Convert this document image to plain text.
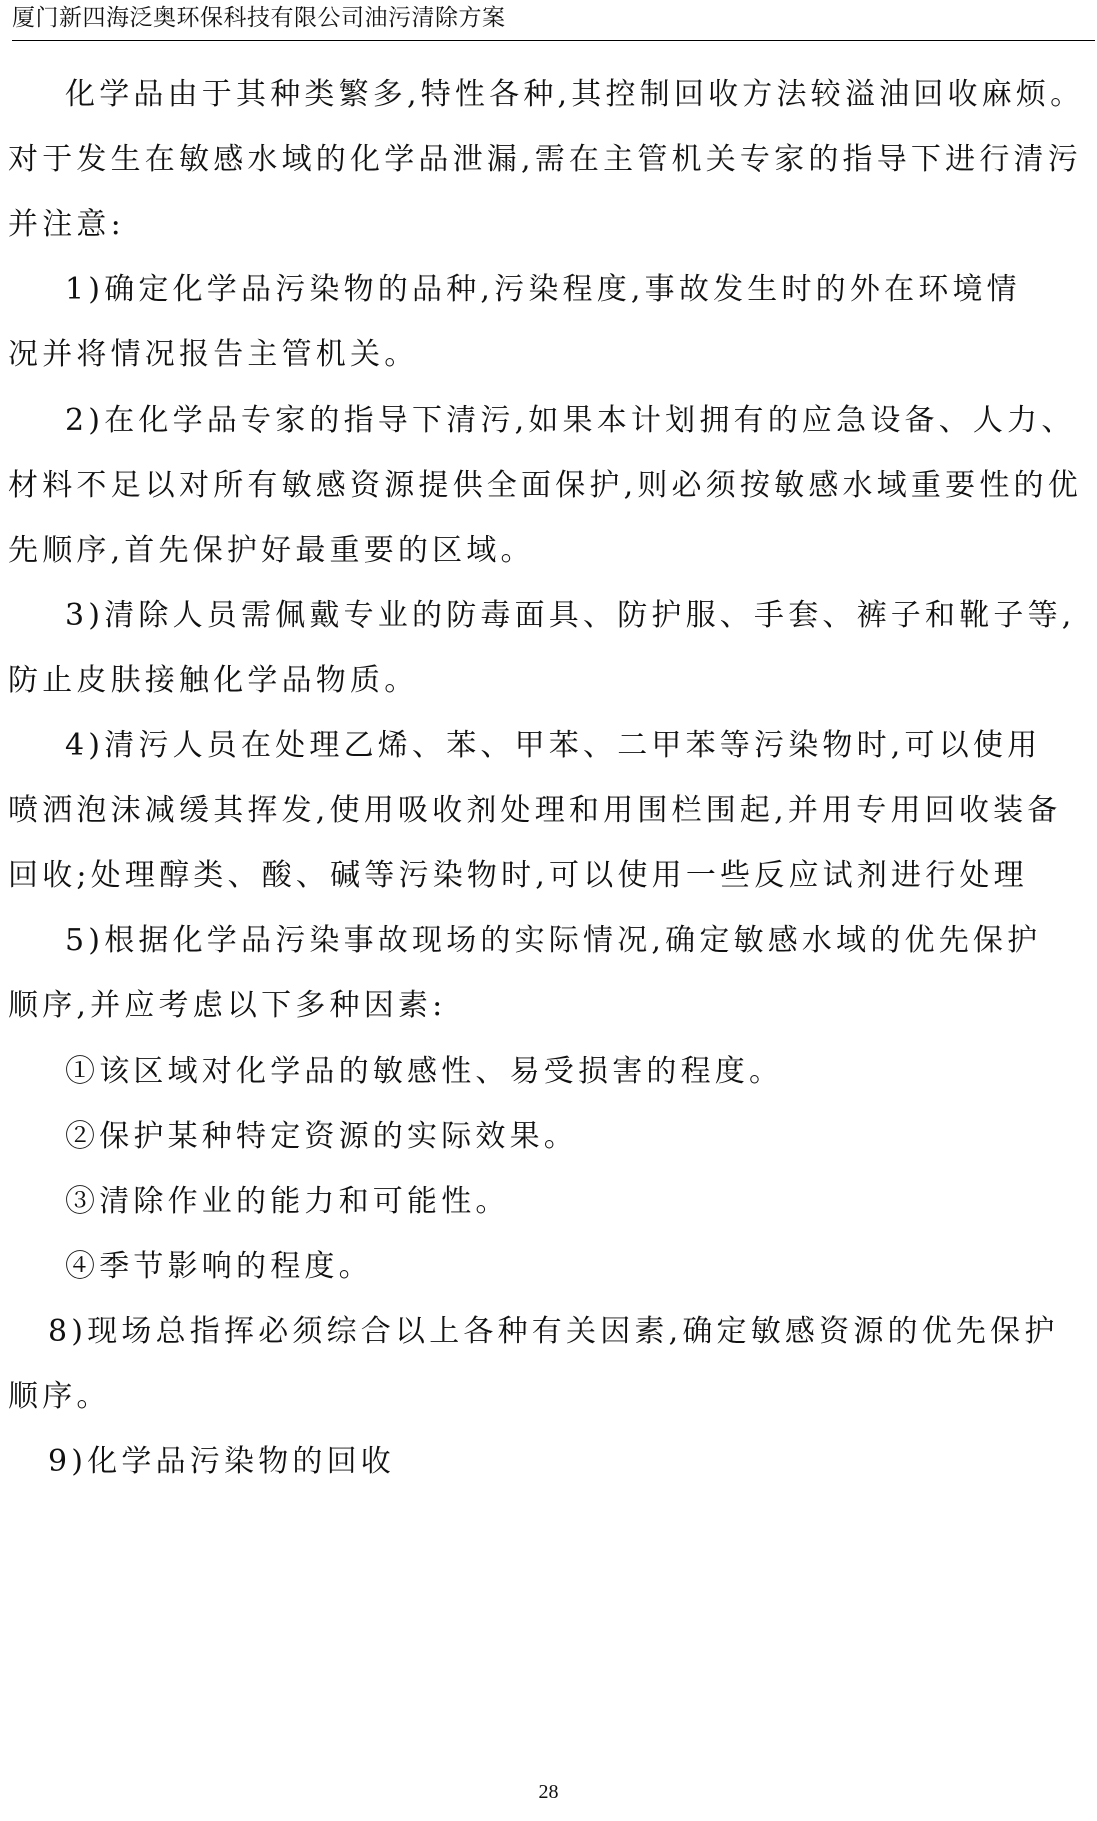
厦门新四海泛奥环保科技有限公司油污清除方案
化学品由于其种类繁多,特性各种,其控制回收方法较溢油回收麻烦。
对于发生在敏感水域的化学品泄漏,需在主管机关专家的指导下进行清污
并注意:
1)确定化学品污染物的品种,污染程度,事故发生时的外在环境情
况并将情况报告主管机关。
2)在化学品专家的指导下清污,如果本计划拥有的应急设备、人力、
材料不足以对所有敏感资源提供全面保护,则必须按敏感水域重要性的优
先顺序,首先保护好最重要的区域。
3)清除人员需佩戴专业的防毒面具、防护服、手套、裤子和靴子等,
防止皮肤接触化学品物质。
4)清污人员在处理乙烯、苯、甲苯、二甲苯等污染物时,可以使用
喷洒泡沫减缓其挥发,使用吸收剂处理和用围栏围起,并用专用回收装备
回收;处理醇类、酸、碱等污染物时,可以使用一些反应试剂进行处理
5)根据化学品污染事故现场的实际情况,确定敏感水域的优先保护
顺序,并应考虑以下多种因素:
①该区域对化学品的敏感性、易受损害的程度。
②保护某种特定资源的实际效果。
③清除作业的能力和可能性。
④季节影响的程度。
8)现场总指挥必须综合以上各种有关因素,确定敏感资源的优先保护
顺序。
9)化学品污染物的回收
28
